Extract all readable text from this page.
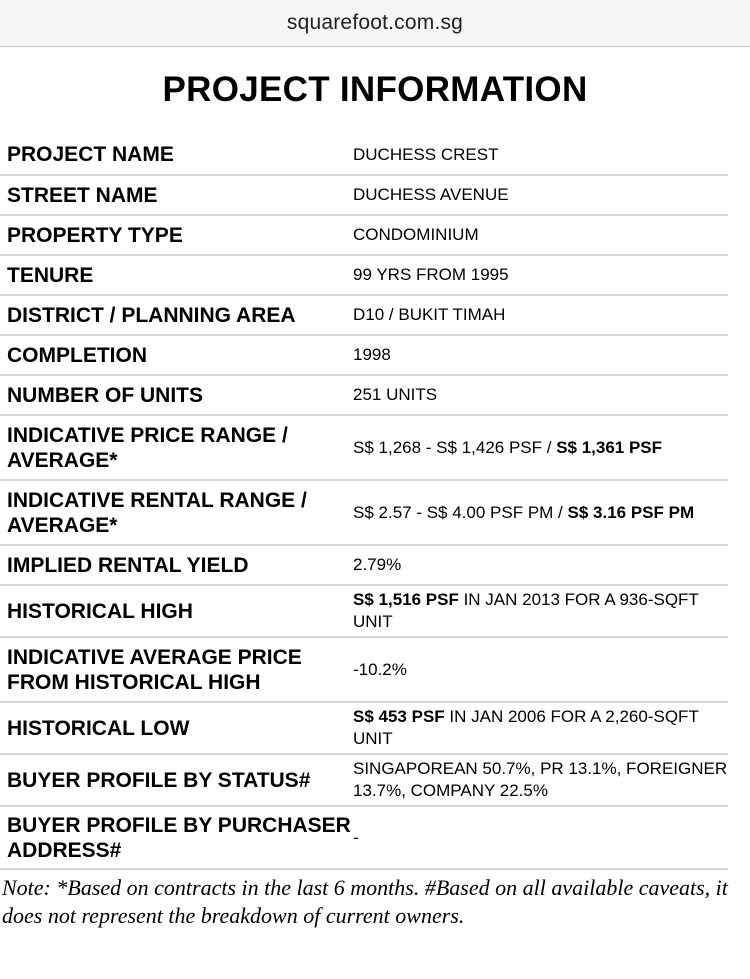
squarefoot.com.sg
PROJECT INFORMATION
PROJECT NAME	DUCHESS CREST
STREET NAME	DUCHESS AVENUE
PROPERTY TYPE	CONDOMINIUM
TENURE	99 YRS FROM 1995
DISTRICT / PLANNING AREA	D10 / BUKIT TIMAH
COMPLETION	1998
NUMBER OF UNITS	251 UNITS
INDICATIVE PRICE RANGE / AVERAGE*	S$ 1,268 - S$ 1,426 PSF / S$ 1,361 PSF
INDICATIVE RENTAL RANGE / AVERAGE*	S$ 2.57 - S$ 4.00 PSF PM / S$ 3.16 PSF PM
IMPLIED RENTAL YIELD	2.79%
HISTORICAL HIGH	S$ 1,516 PSF IN JAN 2013 FOR A 936-SQFT UNIT
INDICATIVE AVERAGE PRICE FROM HISTORICAL HIGH	-10.2%
HISTORICAL LOW	S$ 453 PSF IN JAN 2006 FOR A 2,260-SQFT UNIT
BUYER PROFILE BY STATUS#	SINGAPOREAN 50.7%, PR 13.1%, FOREIGNER 13.7%, COMPANY 22.5%
BUYER PROFILE BY PURCHASER ADDRESS#	-

Note: *Based on contracts in the last 6 months. #Based on all available caveats, it does not represent the breakdown of current owners.
